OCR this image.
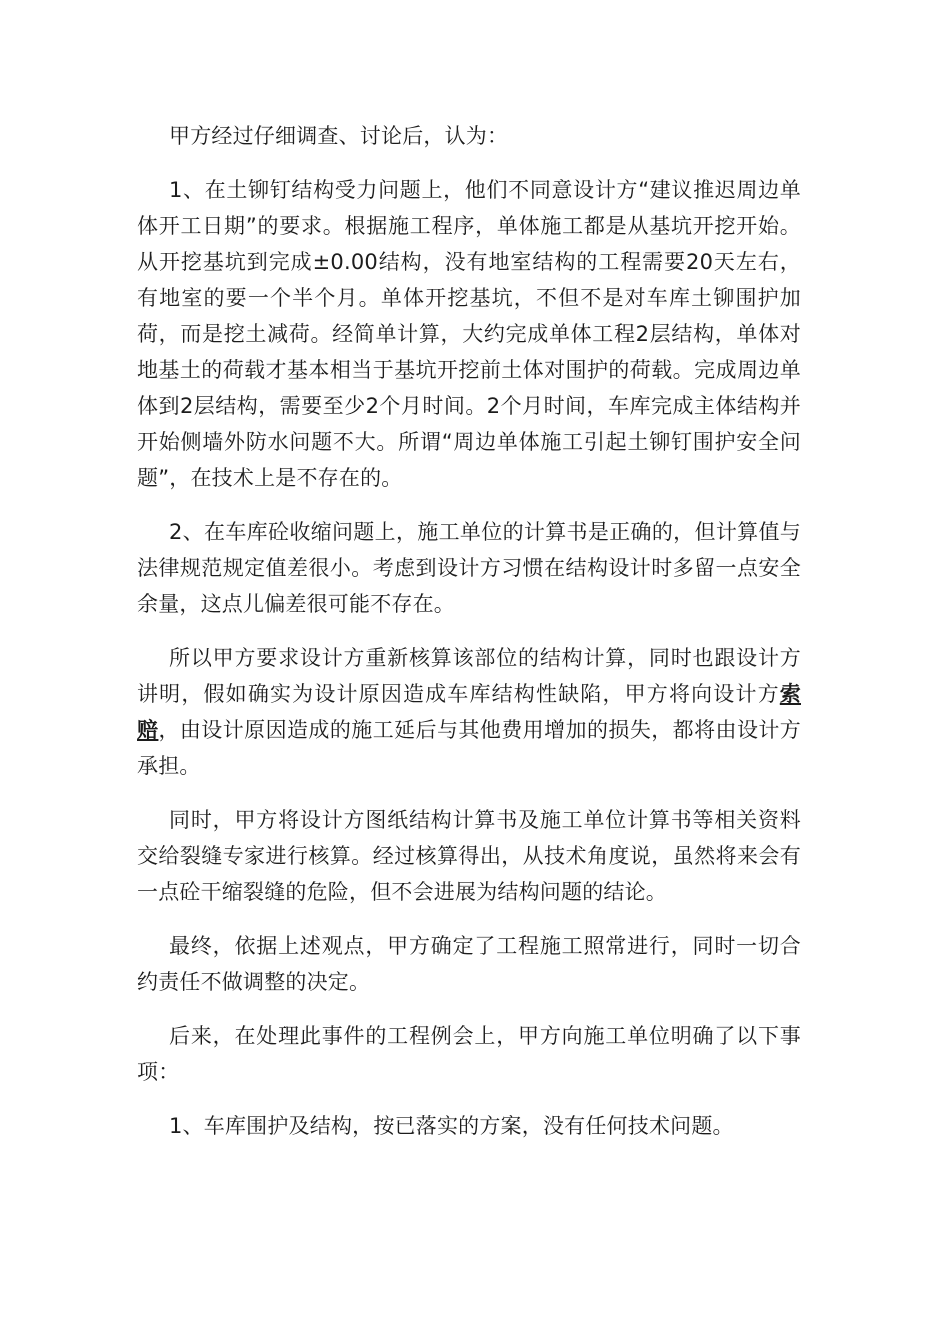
甲方经过仔细调查、讨论后，认为：

1、在土铆钉结构受力问题上，他们不同意设计方“建议推迟周边单体开工日期”的要求。根据施工程序，单体施工都是从基坑开挖开始。从开挖基坑到完成±0.00结构，没有地室结构的工程需要20天左右，有地室的要一个半个月。单体开挖基坑，不但不是对车库土铆围护加荷，而是挖土减荷。经简单计算，大约完成单体工程2层结构，单体对地基土的荷载才基本相当于基坑开挖前土体对围护的荷载。完成周边单体到2层结构，需要至少2个月时间。2个月时间，车库完成主体结构并开始侧墙外防水问题不大。所谓“周边单体施工引起土铆钉围护安全问题”，在技术上是不存在的。

2、在车库砼收缩问题上，施工单位的计算书是正确的，但计算值与法律规范规定值差很小。考虑到设计方习惯在结构设计时多留一点安全余量，这点儿偏差很可能不存在。

所以甲方要求设计方重新核算该部位的结构计算，同时也跟设计方讲明，假如确实为设计原因造成车库结构性缺陷，甲方将向设计方索赔，由设计原因造成的施工延后与其他费用增加的损失，都将由设计方承担。

同时，甲方将设计方图纸结构计算书及施工单位计算书等相关资料交给裂缝专家进行核算。经过核算得出，从技术角度说，虽然将来会有一点砼干缩裂缝的危险，但不会进展为结构问题的结论。

最终，依据上述观点，甲方确定了工程施工照常进行，同时一切合约责任不做调整的决定。

后来，在处理此事件的工程例会上，甲方向施工单位明确了以下事项：

1、车库围护及结构，按已落实的方案，没有任何技术问题。
